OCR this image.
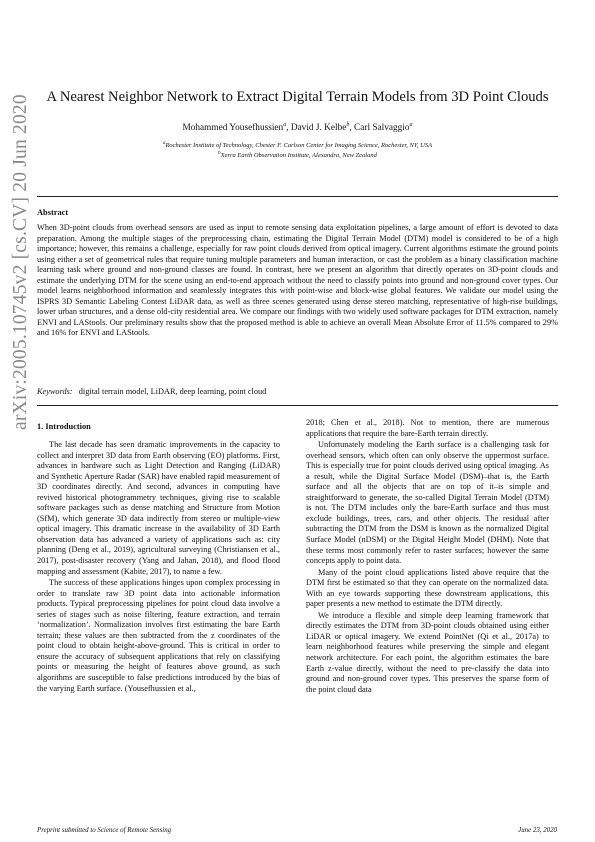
arXiv:2005.10745v2 [cs.CV] 20 Jun 2020	A Nearest Neighbor Network to Extract Digital Terrain Models from 3D Point Clouds
Mohammed Yousefhussien$^a$, David J. Kelbe$^b$, Carl Salvaggio$^a$
$^a$Rochester Institute of Technology, Chester F. Carlson Center for Imaging Science, Rochester, NY, USA
$^b$Xerra Earth Observation Institute, Alexandra, New Zealand
Abstract
When 3D-point clouds from overhead sensors are used as input to remote sensing data exploitation pipelines, a large amount of effort is devoted to data preparation. Among the multiple stages of the preprocessing chain, estimating the Digital Terrain Model (DTM) model is considered to be of a high importance; however, this remains a challenge, especially for raw point clouds derived from optical imagery. Current algorithms estimate the ground points using either a set of geometrical rules that require tuning multiple parameters and human interaction, or cast the problem as a binary classification machine learning task where ground and non-ground classes are found. In contrast, here we present an algorithm that directly operates on 3D-point clouds and estimate the underlying DTM for the scene using an end-to-end approach without the need to classify points into ground and non-ground cover types. Our model learns neighborhood information and seamlessly integrates this with point-wise and block-wise global features. We validate our model using the ISPRS 3D Semantic Labeling Contest LiDAR data, as well as three scenes generated using dense stereo matching, representative of high-rise buildings, lower urban structures, and a dense old-city residential area. We compare our findings with two widely used software packages for DTM extraction, namely ENVI and LAStools. Our preliminary results show that the proposed method is able to achieve an overall Mean Absolute Error of 11.5% compared to 29% and 16% for ENVI and LAStools.
Keywords: digital terrain model, LiDAR, deep learning, point cloud
1. Introduction

The last decade has seen dramatic improvements in the capacity to collect and interpret 3D data from Earth observing (EO) platforms. First, advances in hardware such as Light Detection and Ranging (LiDAR) and Synthetic Aperture Radar (SAR) have enabled rapid measurement of 3D coordinates directly. And second, advances in computing have revived historical photogrammetry techniques, giving rise to scalable software packages such as dense matching and Structure from Motion (SfM), which generate 3D data indirectly from stereo or multiple-view optical imagery. This dramatic increase in the availability of 3D Earth observation data has advanced a variety of applications such as: city planning (Deng et al., 2019), agricultural surveying (Christiansen et al., 2017), post-disaster recovery (Yang and Jahan, 2018), and flood flood mapping and assessment (Kabite, 2017), to name a few.

The success of these applications hinges upon complex processing in order to translate raw 3D point data into actionable information products. Typical preprocessing pipelines for point cloud data involve a series of stages such as noise filtering, feature extraction, and terrain ‘normalization’. Normalization involves first estimating the bare Earth terrain; these values are then subtracted from the z coordinates of the point cloud to obtain height-above-ground. This is critical in order to ensure the accuracy of subsequent applications that rely on classifying points or measuring the height of features above ground, as such algorithms are susceptible to false predictions introduced by the bias of the varying Earth surface. (Yousefhussien et al.,

2018; Chen et al., 2018). Not to mention, there are numerous applications that require the bare-Earth terrain directly.

Unfortunately modeling the Earth surface is a challenging task for overhead sensors, which often can only observe the uppermost surface. This is especially true for point clouds derived using optical imaging. As a result, while the Digital Surface Model (DSM)–that is, the Earth surface and all the objects that are on top of it–is simple and straightforward to generate, the so-called Digital Terrain Model (DTM) is not. The DTM includes only the bare-Earth surface and thus must exclude buildings, trees, cars, and other objects. The residual after subtracting the DTM from the DSM is known as the normalized Digital Surface Model (nDSM) or the Digital Height Model (DHM). Note that these terms most commonly refer to raster surfaces; however the same concepts apply to point data.

Many of the point cloud applications listed above require that the DTM first be estimated so that they can operate on the normalized data. With an eye towards supporting these downstream applications, this paper presents a new method to estimate the DTM directly.

We introduce a flexible and simple deep learning framework that directly estimates the DTM from 3D-point clouds obtained using either LiDAR or optical imagery. We extend PointNet (Qi et al., 2017a) to learn neighborhood features while preserving the simple and elegant network architecture. For each point, the algorithm estimates the bare Earth z-value directly, without the need to pre-classify the data into ground and non-ground cover types. This preserves the sparse form of the point cloud data

Preprint submitted to Science of Remote Sensing	June 23, 2020
